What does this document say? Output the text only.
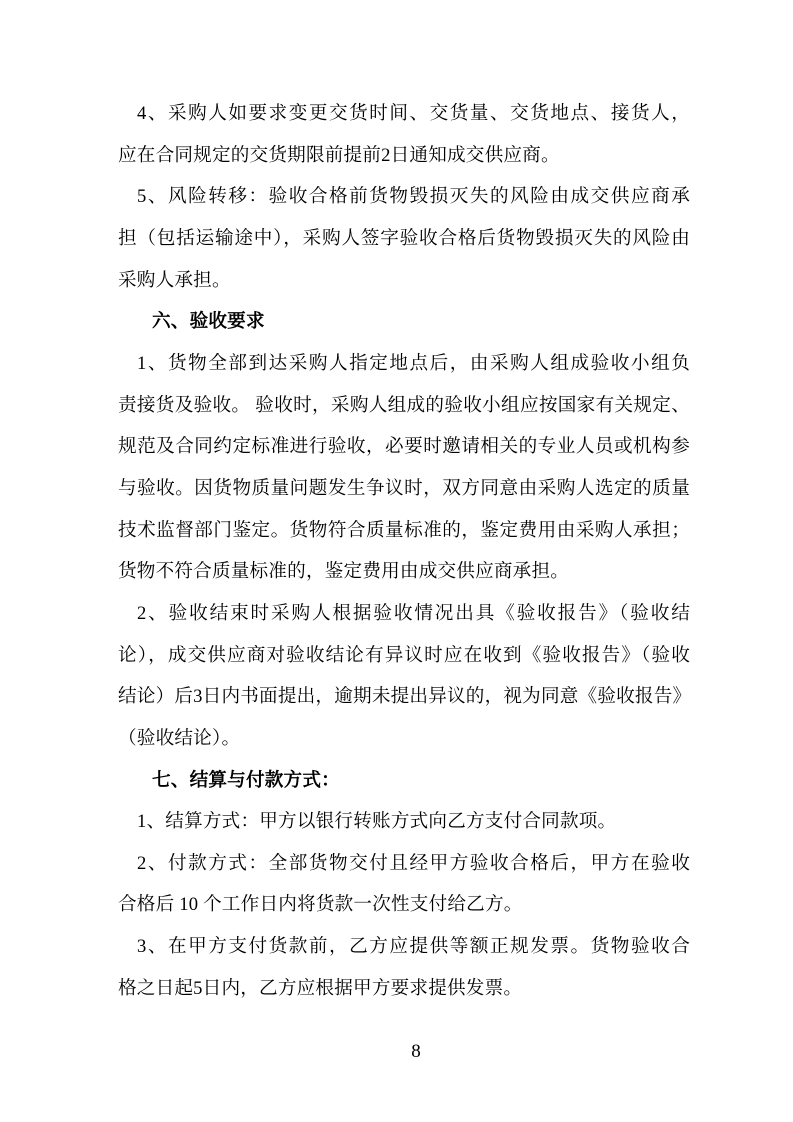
4、采购人如要求变更交货时间、交货量、交货地点、接货人，
应在合同规定的交货期限前提前2日通知成交供应商。
5、风险转移：验收合格前货物毁损灭失的风险由成交供应商承
担（包括运输途中），采购人签字验收合格后货物毁损灭失的风险由
采购人承担。
六、验收要求
1、货物全部到达采购人指定地点后，由采购人组成验收小组负
责接货及验收。 验收时，采购人组成的验收小组应按国家有关规定、
规范及合同约定标准进行验收，必要时邀请相关的专业人员或机构参
与验收。因货物质量问题发生争议时，双方同意由采购人选定的质量
技术监督部门鉴定。货物符合质量标准的，鉴定费用由采购人承担；
货物不符合质量标准的，鉴定费用由成交供应商承担。
2、验收结束时采购人根据验收情况出具《验收报告》（验收结
论），成交供应商对验收结论有异议时应在收到《验收报告》（验收
结论）后3日内书面提出，逾期未提出异议的，视为同意《验收报告》
（验收结论）。
七、结算与付款方式：
1、结算方式：甲方以银行转账方式向乙方支付合同款项。
2、付款方式：全部货物交付且经甲方验收合格后，甲方在验收
合格后 10 个工作日内将货款一次性支付给乙方。
3、在甲方支付货款前，乙方应提供等额正规发票。货物验收合
格之日起5日内，乙方应根据甲方要求提供发票。
8
